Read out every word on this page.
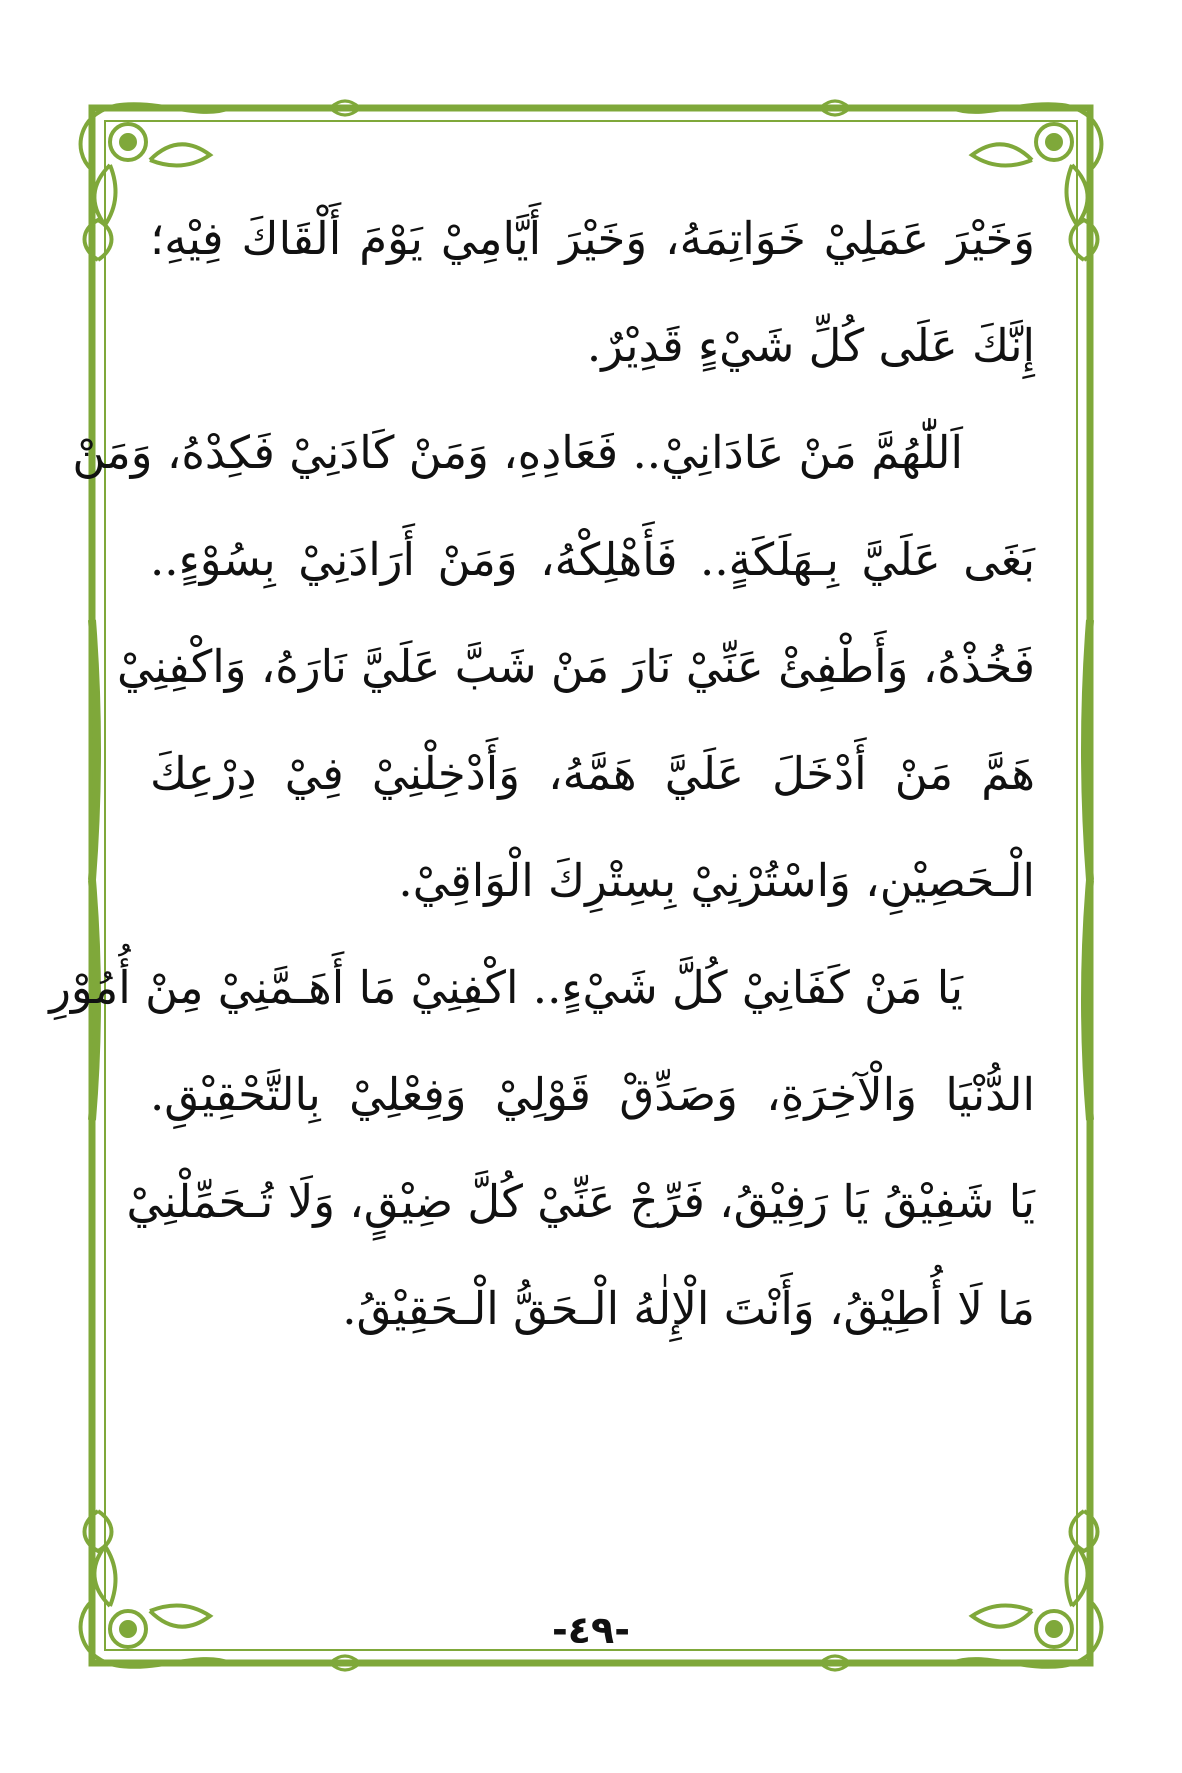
وَخَيْرَ عَمَلِيْ خَوَاتِمَهُ، وَخَيْرَ أَيَّامِيْ يَوْمَ أَلْقَاكَ فِيْهِ؛
إِنَّكَ عَلَى كُلِّ شَيْءٍ قَدِيْرٌ.
اَللّٰهُمَّ مَنْ عَادَانِيْ.. فَعَادِهِ، وَمَنْ كَادَنِيْ فَكِدْهُ، وَمَنْ
بَغَى عَلَيَّ بِـهَلَكَةٍ.. فَأَهْلِكْهُ، وَمَنْ أَرَادَنِيْ بِسُوْءٍ..
فَخُذْهُ، وَأَطْفِئْ عَنِّيْ نَارَ مَنْ شَبَّ عَلَيَّ نَارَهُ، وَاكْفِنِيْ
هَمَّ مَنْ أَدْخَلَ عَلَيَّ هَمَّهُ، وَأَدْخِلْنِيْ فِيْ دِرْعِكَ
الْـحَصِيْنِ، وَاسْتُرْنِيْ بِسِتْرِكَ الْوَاقِيْ.
يَا مَنْ كَفَانِيْ كُلَّ شَيْءٍ.. اكْفِنِيْ مَا أَهَـمَّنِيْ مِنْ أُمُوْرِ
الدُّنْيَا وَالْآخِرَةِ، وَصَدِّقْ قَوْلِيْ وَفِعْلِيْ بِالتَّحْقِيْقِ.
يَا شَفِيْقُ يَا رَفِيْقُ، فَرِّجْ عَنِّيْ كُلَّ ضِيْقٍ، وَلَا تُـحَمِّلْنِيْ
مَا لَا أُطِيْقُ، وَأَنْتَ الْإِلٰهُ الْـحَقُّ الْـحَقِيْقُ.
-٤٩-
